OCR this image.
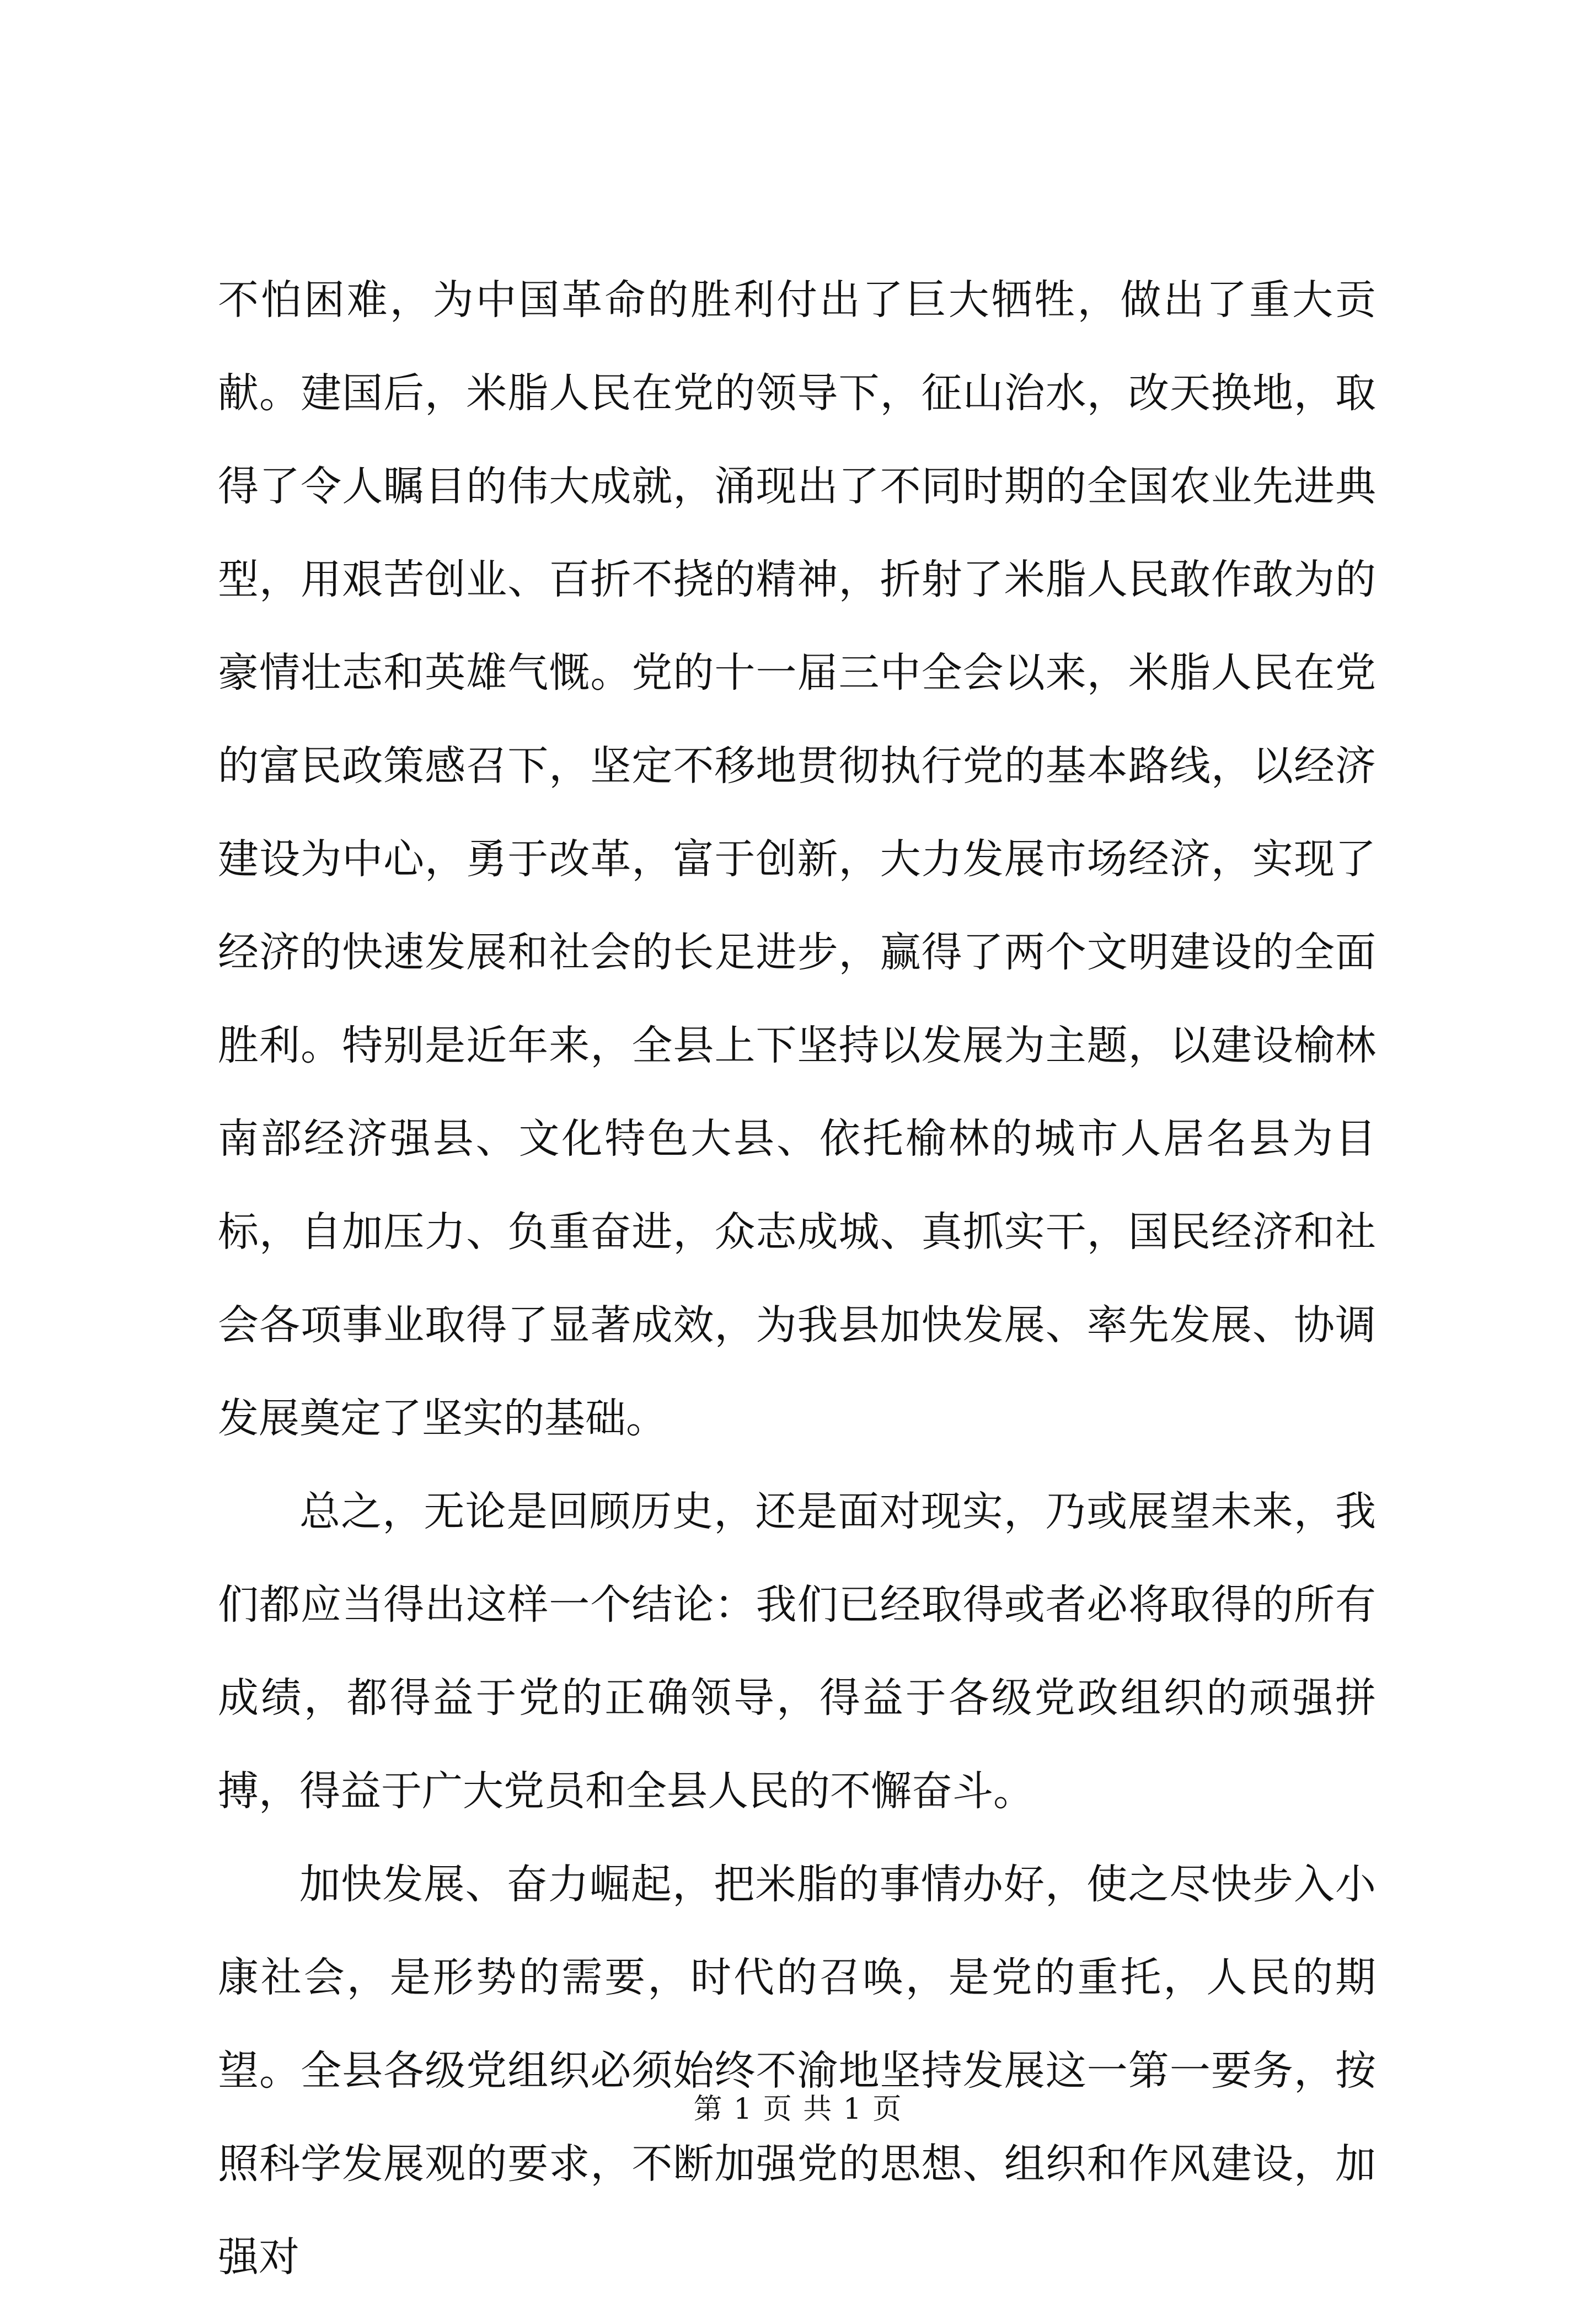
不怕困难，为中国革命的胜利付出了巨大牺牲，做出了重大贡献。建国后，米脂人民在党的领导下，征山治水，改天换地，取得了令人瞩目的伟大成就，涌现出了不同时期的全国农业先进典型，用艰苦创业、百折不挠的精神，折射了米脂人民敢作敢为的豪情壮志和英雄气慨。党的十一届三中全会以来，米脂人民在党的富民政策感召下，坚定不移地贯彻执行党的基本路线，以经济建设为中心，勇于改革，富于创新，大力发展市场经济，实现了经济的快速发展和社会的长足进步，赢得了两个文明建设的全面胜利。特别是近年来，全县上下坚持以发展为主题，以建设榆林南部经济强县、文化特色大县、依托榆林的城市人居名县为目标，自加压力、负重奋进，众志成城、真抓实干，国民经济和社会各项事业取得了显著成效，为我县加快发展、率先发展、协调发展奠定了坚实的基础。

总之，无论是回顾历史，还是面对现实，乃或展望未来，我们都应当得出这样一个结论：我们已经取得或者必将取得的所有成绩，都得益于党的正确领导，得益于各级党政组织的顽强拼搏，得益于广大党员和全县人民的不懈奋斗。

加快发展、奋力崛起，把米脂的事情办好，使之尽快步入小康社会，是形势的需要，时代的召唤，是党的重托，人民的期望。全县各级党组织必须始终不渝地坚持发展这一第一要务，按照科学发展观的要求，不断加强党的思想、组织和作风建设，加强对

第 1 页 共 1 页
